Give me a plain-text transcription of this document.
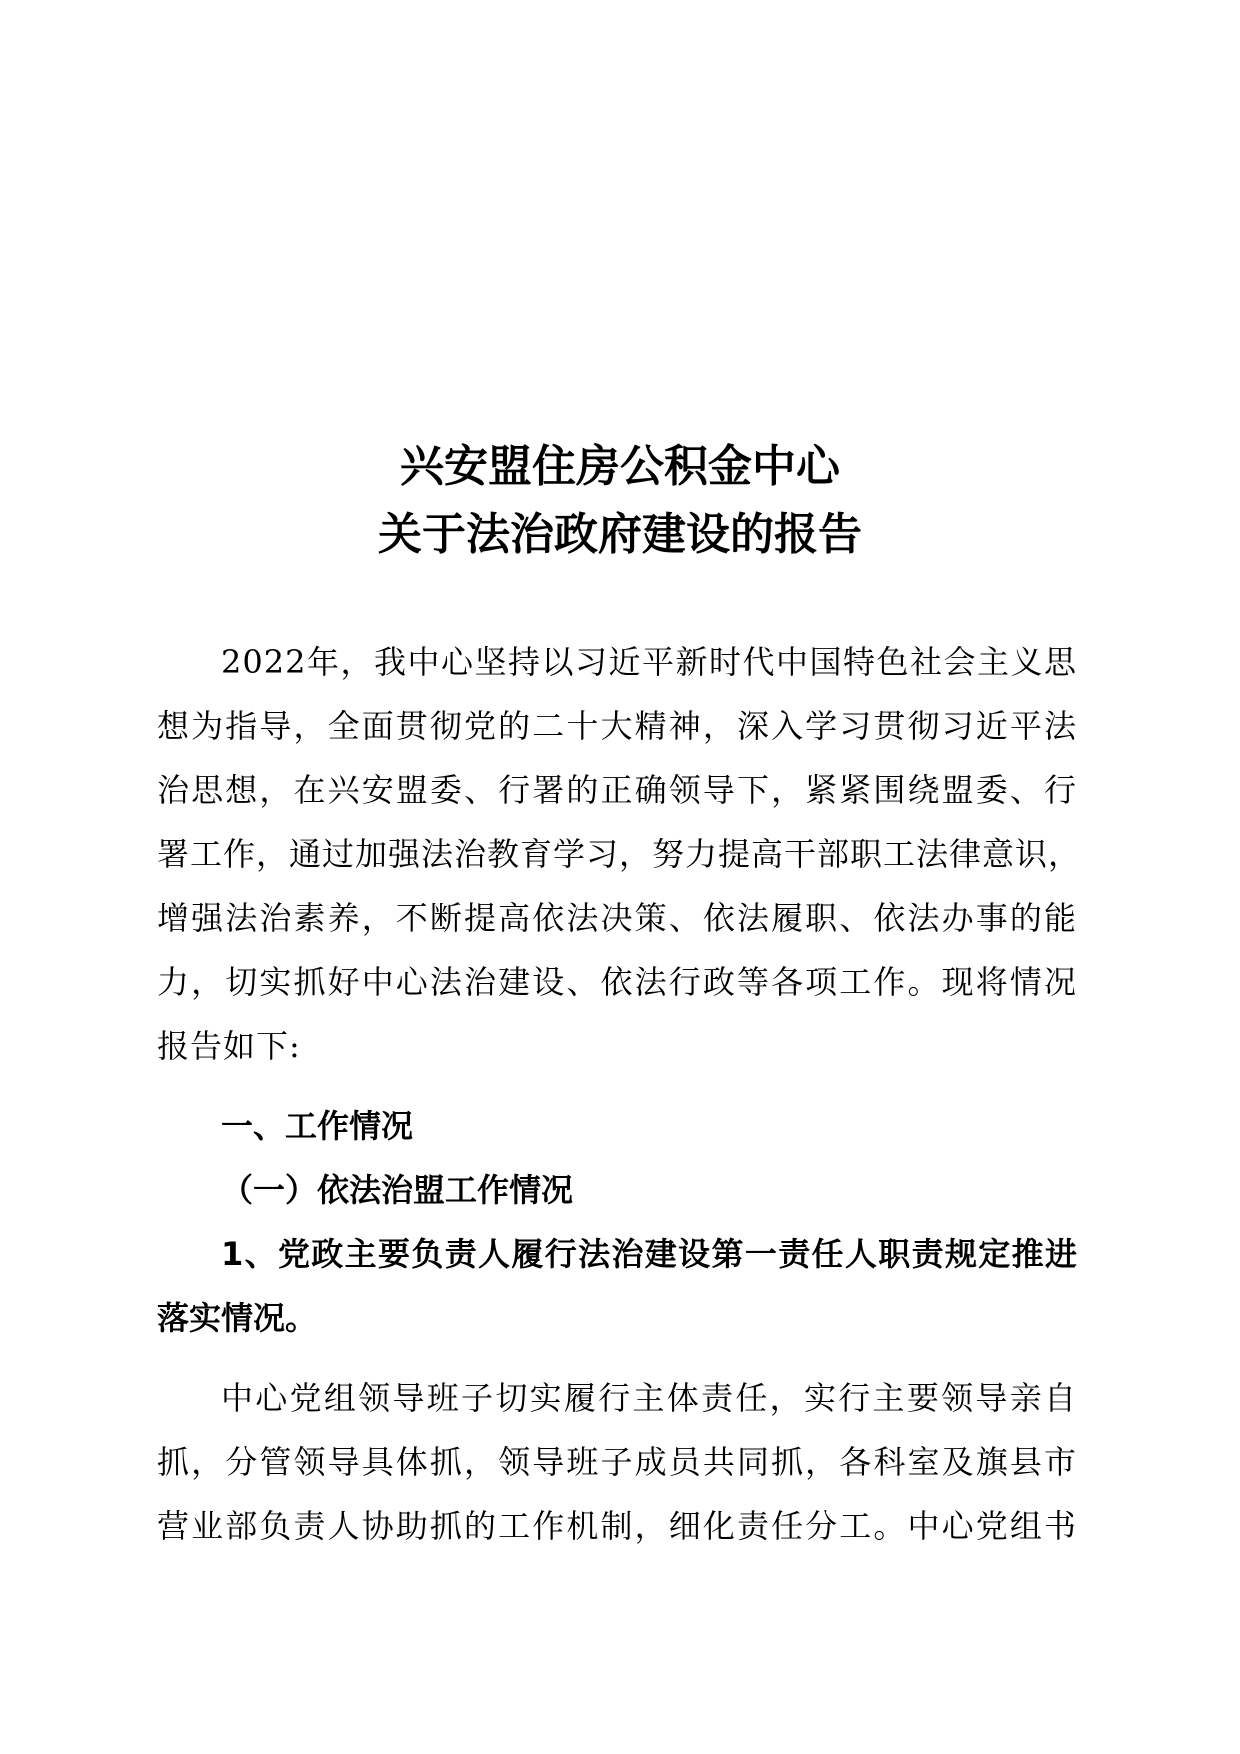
兴安盟住房公积金中心
关于法治政府建设的报告
2022年，我中心坚持以习近平新时代中国特色社会主义思
想为指导，全面贯彻党的二十大精神，深入学习贯彻习近平法
治思想，在兴安盟委、行署的正确领导下，紧紧围绕盟委、行
署工作，通过加强法治教育学习，努力提高干部职工法律意识，
增强法治素养，不断提高依法决策、依法履职、依法办事的能
力，切实抓好中心法治建设、依法行政等各项工作。现将情况
报告如下:
一、工作情况
（一）依法治盟工作情况
1、党政主要负责人履行法治建设第一责任人职责规定推进
落实情况。
中心党组领导班子切实履行主体责任，实行主要领导亲自
抓，分管领导具体抓，领导班子成员共同抓，各科室及旗县市
营业部负责人协助抓的工作机制，细化责任分工。中心党组书
